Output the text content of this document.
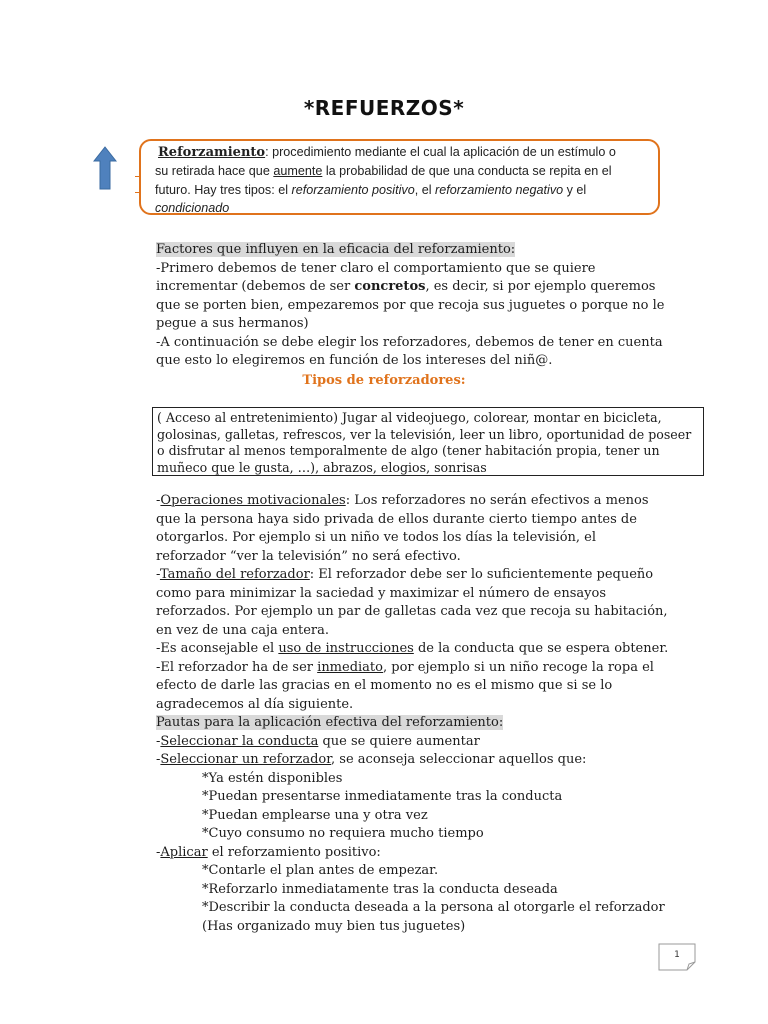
*REFUERZOS*
Reforzamiento: procedimiento mediante el cual la aplicación de un estímulo o
su retirada hace que aumente la probabilidad de que una conducta se repita en el
futuro. Hay tres tipos: el reforzamiento positivo, el reforzamiento negativo y el
condicionado
Factores que influyen en la eficacia del reforzamiento:
-Primero debemos de tener claro el comportamiento que se quiere
incrementar (debemos de ser concretos, es decir, si por ejemplo queremos
que se porten bien, empezaremos por que recoja sus juguetes o porque no le
pegue a sus hermanos)
-A continuación se debe elegir los reforzadores, debemos de tener en cuenta
que esto lo elegiremos en función de los intereses del niñ@.
Tipos de reforzadores:
( Acceso al entretenimiento) Jugar al videojuego, colorear, montar en bicicleta,
golosinas, galletas, refrescos, ver la televisión, leer un libro, oportunidad de poseer
o disfrutar al menos temporalmente de algo (tener habitación propia, tener un
muñeco que le gusta, …), abrazos, elogios, sonrisas
-Operaciones motivacionales: Los reforzadores no serán efectivos a menos
que la persona haya sido privada de ellos durante cierto tiempo antes de
otorgarlos. Por ejemplo si un niño ve todos los días la televisión, el
reforzador “ver la televisión” no será efectivo.
-Tamaño del reforzador: El reforzador debe ser lo suficientemente pequeño
como para minimizar la saciedad y maximizar el número de ensayos
reforzados. Por ejemplo un par de galletas cada vez que recoja su habitación,
en vez de una caja entera.
-Es aconsejable el uso de instrucciones de la conducta que se espera obtener.
-El reforzador ha de ser inmediato, por ejemplo si un niño recoge la ropa el
efecto de darle las gracias en el momento no es el mismo que si se lo
agradecemos al día siguiente.
Pautas para la aplicación efectiva del reforzamiento:
-Seleccionar la conducta que se quiere aumentar
-Seleccionar un reforzador, se aconseja seleccionar aquellos que:
*Ya estén disponibles
*Puedan presentarse inmediatamente tras la conducta
*Puedan emplearse una y otra vez
*Cuyo consumo no requiera mucho tiempo
-Aplicar el reforzamiento positivo:
*Contarle el plan antes de empezar.
*Reforzarlo inmediatamente tras la conducta deseada
*Describir la conducta deseada a la persona al otorgarle el reforzador
(Has organizado muy bien tus juguetes)
1
